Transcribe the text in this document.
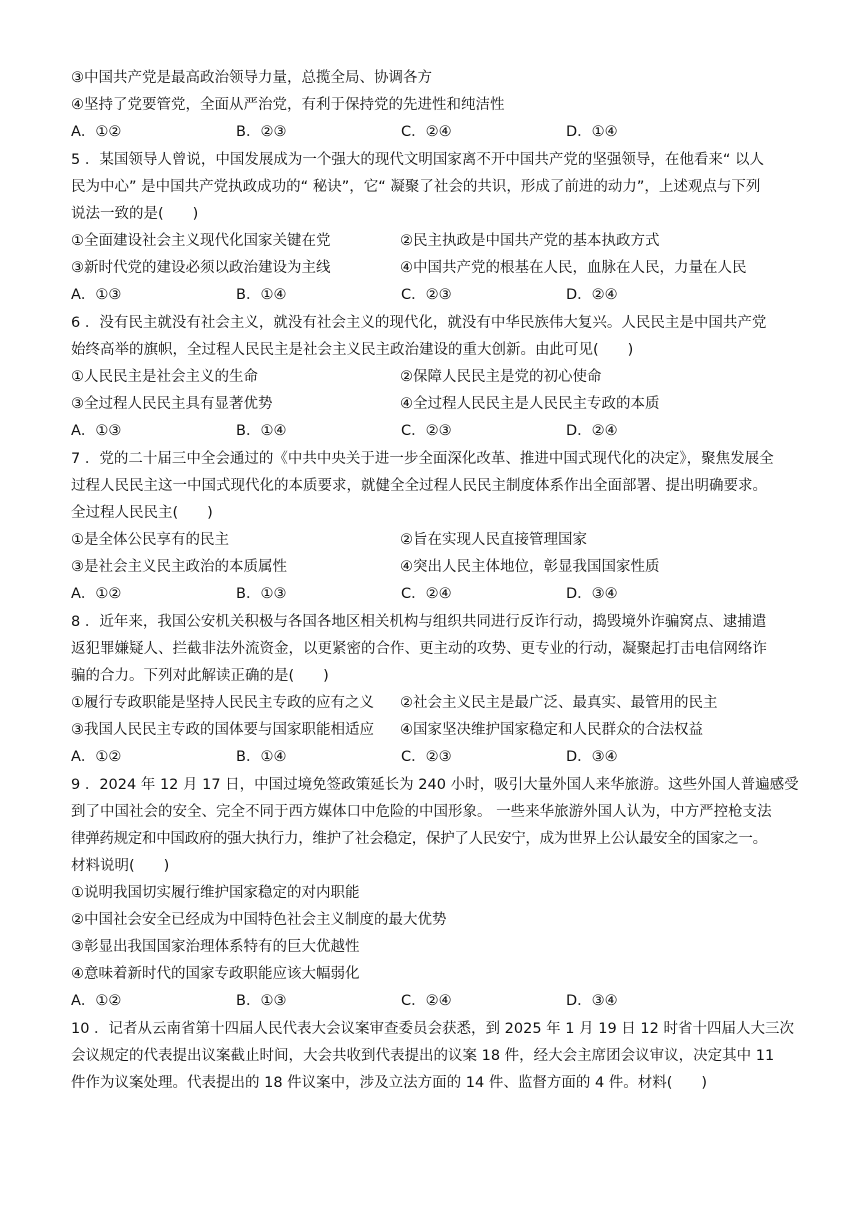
③中国共产党是最高政治领导力量，总揽全局、协调各方
④坚持了党要管党，全面从严治党，有利于保持党的先进性和纯洁性
A．①②	B．②③	C．②④	D．①④
5 ．某国领导人曾说，中国发展成为一个强大的现代文明国家离不开中国共产党的坚强领导，在他看来“ 以人
民为中心” 是中国共产党执政成功的“ 秘诀”，它“ 凝聚了社会的共识，形成了前进的动力”，上述观点与下列
说法一致的是(　　)
①全面建设社会主义现代化国家关键在党	②民主执政是中国共产党的基本执政方式
③新时代党的建设必须以政治建设为主线	④中国共产党的根基在人民，血脉在人民，力量在人民
A．①③	B．①④	C．②③	D．②④
6 ．没有民主就没有社会主义，就没有社会主义的现代化，就没有中华民族伟大复兴。人民民主是中国共产党
始终高举的旗帜，全过程人民民主是社会主义民主政治建设的重大创新。由此可见(　　)
①人民民主是社会主义的生命	②保障人民民主是党的初心使命
③全过程人民民主具有显著优势	④全过程人民民主是人民民主专政的本质
A．①③	B．①④	C．②③	D．②④
7 ．党的二十届三中全会通过的《中共中央关于进一步全面深化改革、推进中国式现代化的决定》，聚焦发展全
过程人民民主这一中国式现代化的本质要求，就健全全过程人民民主制度体系作出全面部署、提出明确要求。
全过程人民民主(　　)
①是全体公民享有的民主	②旨在实现人民直接管理国家
③是社会主义民主政治的本质属性	④突出人民主体地位，彰显我国国家性质
A．①②	B．①③	C．②④	D．③④
8 ．近年来，我国公安机关积极与各国各地区相关机构与组织共同进行反诈行动，捣毁境外诈骗窝点、逮捕遣
返犯罪嫌疑人、拦截非法外流资金，以更紧密的合作、更主动的攻势、更专业的行动，凝聚起打击电信网络诈
骗的合力。下列对此解读正确的是(　　)
①履行专政职能是坚持人民民主专政的应有之义 ②社会主义民主是最广泛、最真实、最管用的民主
③我国人民民主专政的国体要与国家职能相适应 ④国家坚决维护国家稳定和人民群众的合法权益
A．①②	B．①④	C．②③	D．③④
9 ．2024 年 12 月 17 日，中国过境免签政策延长为 240 小时，吸引大量外国人来华旅游。这些外国人普遍感受
到了中国社会的安全、完全不同于西方媒体口中危险的中国形象。 一些来华旅游外国人认为，中方严控枪支法
律弹药规定和中国政府的强大执行力，维护了社会稳定，保护了人民安宁，成为世界上公认最安全的国家之一。
材料说明(　　)
①说明我国切实履行维护国家稳定的对内职能
②中国社会安全已经成为中国特色社会主义制度的最大优势
③彰显出我国国家治理体系特有的巨大优越性
④意味着新时代的国家专政职能应该大幅弱化
A．①②	B．①③	C．②④	D．③④
10 ．记者从云南省第十四届人民代表大会议案审查委员会获悉，到 2025 年 1 月 19 日 12 时省十四届人大三次
会议规定的代表提出议案截止时间，大会共收到代表提出的议案 18 件，经大会主席团会议审议，决定其中 11
件作为议案处理。代表提出的 18 件议案中，涉及立法方面的 14 件、监督方面的 4 件。材料(　　)
